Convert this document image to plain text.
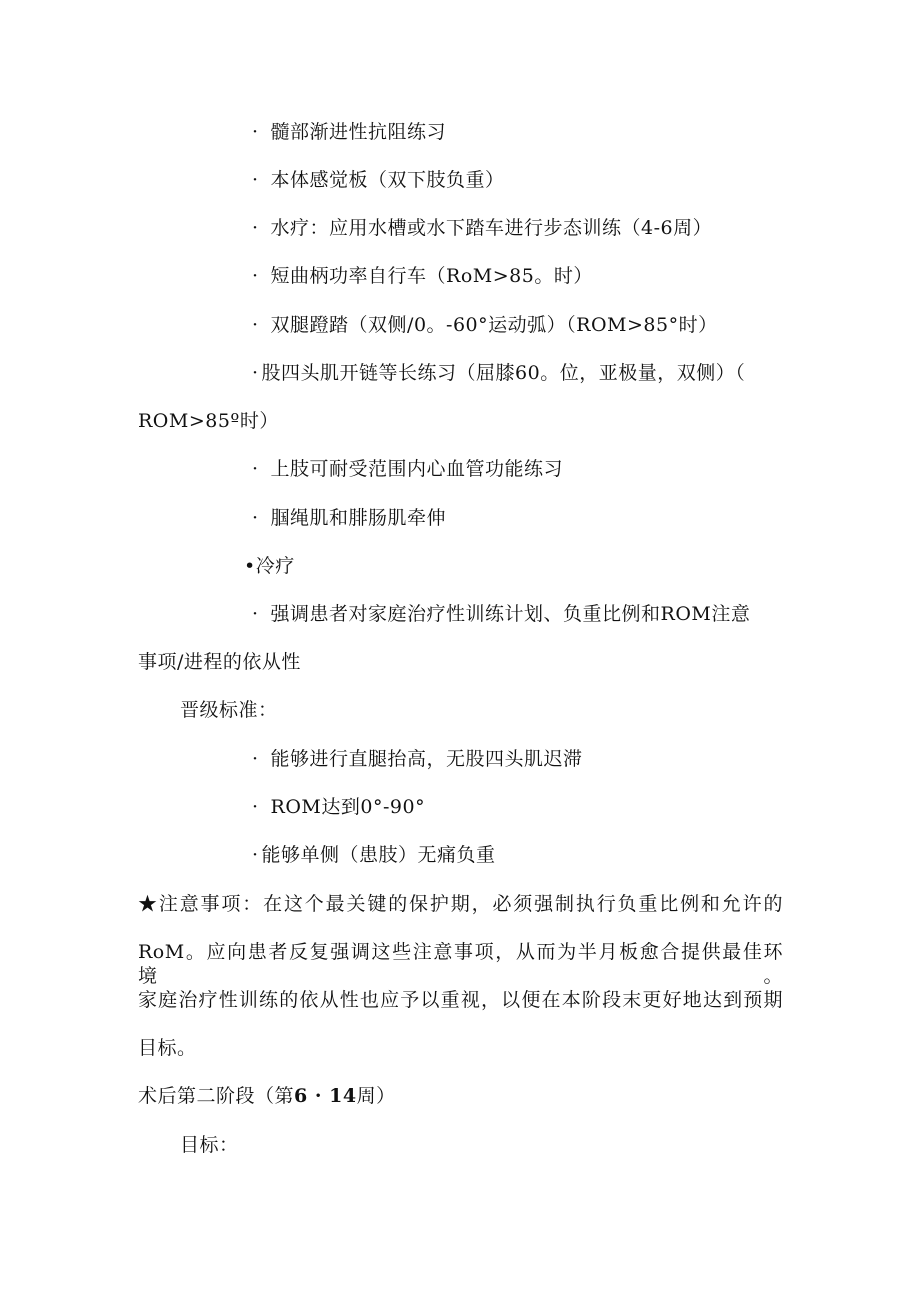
· 髓部渐进性抗阻练习
· 本体感觉板（双下肢负重）
· 水疗：应用水槽或水下踏车进行步态训练（4-6周）
· 短曲柄功率自行车（RoM>85。时）
· 双腿蹬踏（双侧/0。-60°运动弧）（ROM>85°时）
· 股四头肌开链等长练习（屈膝60。位，亚极量，双侧）（
ROM>85º时）
· 上肢可耐受范围内心血管功能练习
· 腘绳肌和腓肠肌牵伸
•冷疗
· 强调患者对家庭治疗性训练计划、负重比例和ROM注意
事项/进程的依从性
晋级标准：
· 能够进行直腿抬高，无股四头肌迟滞
· ROM达到0°-90°
· 能够单侧（患肢）无痛负重
★注意事项：在这个最关键的保护期，必须强制执行负重比例和允许的
RoM。应向患者反复强调这些注意事项，从而为半月板愈合提供最佳环境。
家庭治疗性训练的依从性也应予以重视，以便在本阶段末更好地达到预期
目标。
术后第二阶段（第6 · 14周）
目标：
